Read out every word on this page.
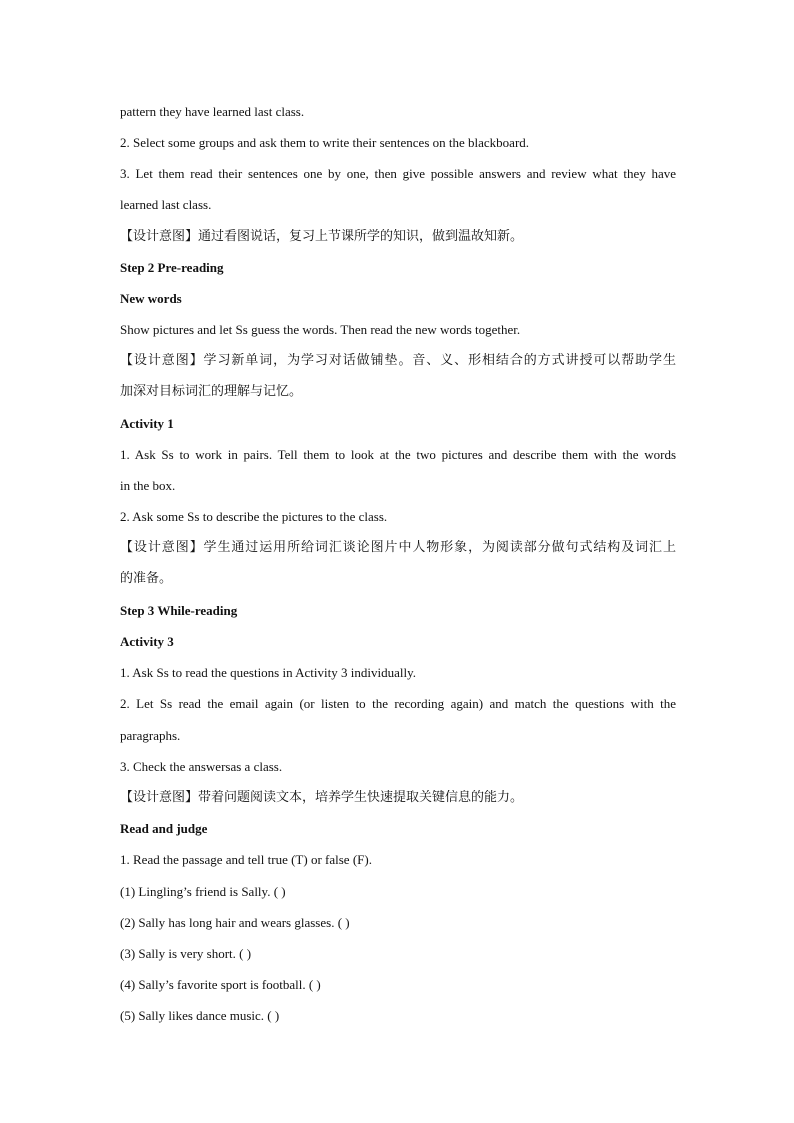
pattern they have learned last class.
2. Select some groups and ask them to write their sentences on the blackboard.
3. Let them read their sentences one by one, then give possible answers and review what they have
learned last class.
【设计意图】通过看图说话，复习上节课所学的知识，做到温故知新。
Step 2 Pre-reading
New words
Show pictures and let Ss guess the words. Then read the new words together.
【设计意图】学习新单词，为学习对话做铺垫。音、义、形相结合的方式讲授可以帮助学生
加深对目标词汇的理解与记忆。
Activity 1
1. Ask Ss to work in pairs. Tell them to look at the two pictures and describe them with the words
in the box.
2. Ask some Ss to describe the pictures to the class.
【设计意图】学生通过运用所给词汇谈论图片中人物形象，为阅读部分做句式结构及词汇上
的准备。
Step 3 While-reading
Activity 3
1. Ask Ss to read the questions in Activity 3 individually.
2. Let Ss read the email again (or listen to the recording again) and match the questions with the
paragraphs.
3. Check the answersas a class.
【设计意图】带着问题阅读文本，培养学生快速提取关键信息的能力。
Read and judge
1. Read the passage and tell true (T) or false (F).
(1) Lingling’s friend is Sally. ( )
(2) Sally has long hair and wears glasses. ( )
(3) Sally is very short. ( )
(4) Sally’s favorite sport is football. ( )
(5) Sally likes dance music. ( )
